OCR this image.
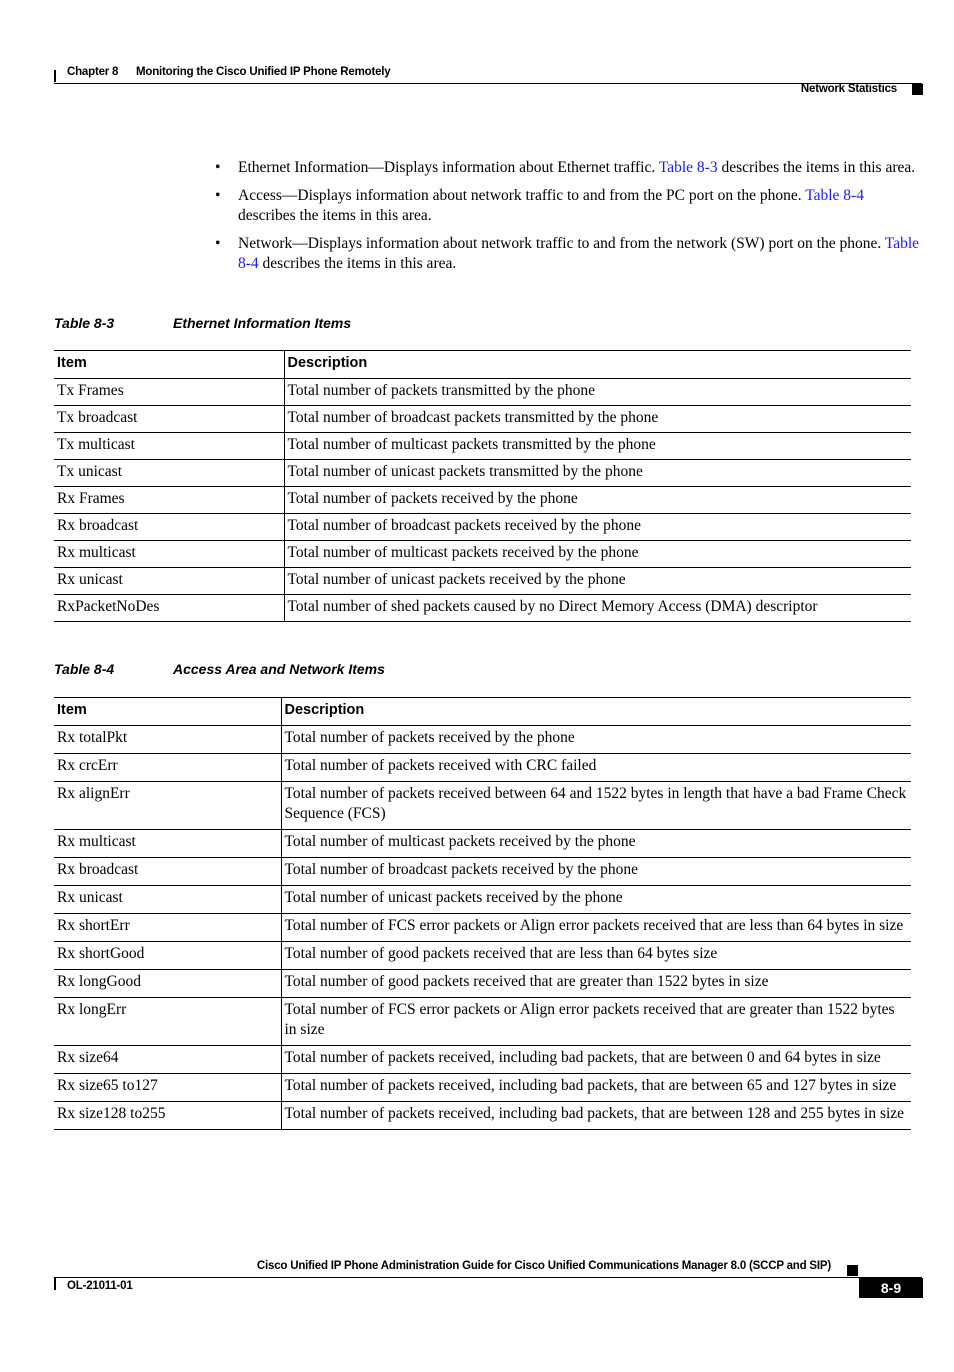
Chapter 8 Monitoring the Cisco Unified IP Phone Remotely
Network Statistics
• Ethernet Information—Displays information about Ethernet traffic. Table 8-3 describes the items in this area.
• Access—Displays information about network traffic to and from the PC port on the phone. Table 8-4 describes the items in this area.
• Network—Displays information about network traffic to and from the network (SW) port on the phone. Table 8-4 describes the items in this area.
Table 8-3	Ethernet Information Items
Item	Description
Tx Frames	Total number of packets transmitted by the phone
Tx broadcast	Total number of broadcast packets transmitted by the phone
Tx multicast	Total number of multicast packets transmitted by the phone
Tx unicast	Total number of unicast packets transmitted by the phone
Rx Frames	Total number of packets received by the phone
Rx broadcast	Total number of broadcast packets received by the phone
Rx multicast	Total number of multicast packets received by the phone
Rx unicast	Total number of unicast packets received by the phone
RxPacketNoDes	Total number of shed packets caused by no Direct Memory Access (DMA) descriptor
Table 8-4	Access Area and Network Items
Item	Description
Rx totalPkt	Total number of packets received by the phone
Rx crcErr	Total number of packets received with CRC failed
Rx alignErr	Total number of packets received between 64 and 1522 bytes in length that have a bad Frame Check Sequence (FCS)
Rx multicast	Total number of multicast packets received by the phone
Rx broadcast	Total number of broadcast packets received by the phone
Rx unicast	Total number of unicast packets received by the phone
Rx shortErr	Total number of FCS error packets or Align error packets received that are less than 64 bytes in size
Rx shortGood	Total number of good packets received that are less than 64 bytes size
Rx longGood	Total number of good packets received that are greater than 1522 bytes in size
Rx longErr	Total number of FCS error packets or Align error packets received that are greater than 1522 bytes in size
Rx size64	Total number of packets received, including bad packets, that are between 0 and 64 bytes in size
Rx size65 to127	Total number of packets received, including bad packets, that are between 65 and 127 bytes in size
Rx size128 to255	Total number of packets received, including bad packets, that are between 128 and 255 bytes in size
Cisco Unified IP Phone Administration Guide for Cisco Unified Communications Manager 8.0 (SCCP and SIP)
OL-21011-01	8-9
